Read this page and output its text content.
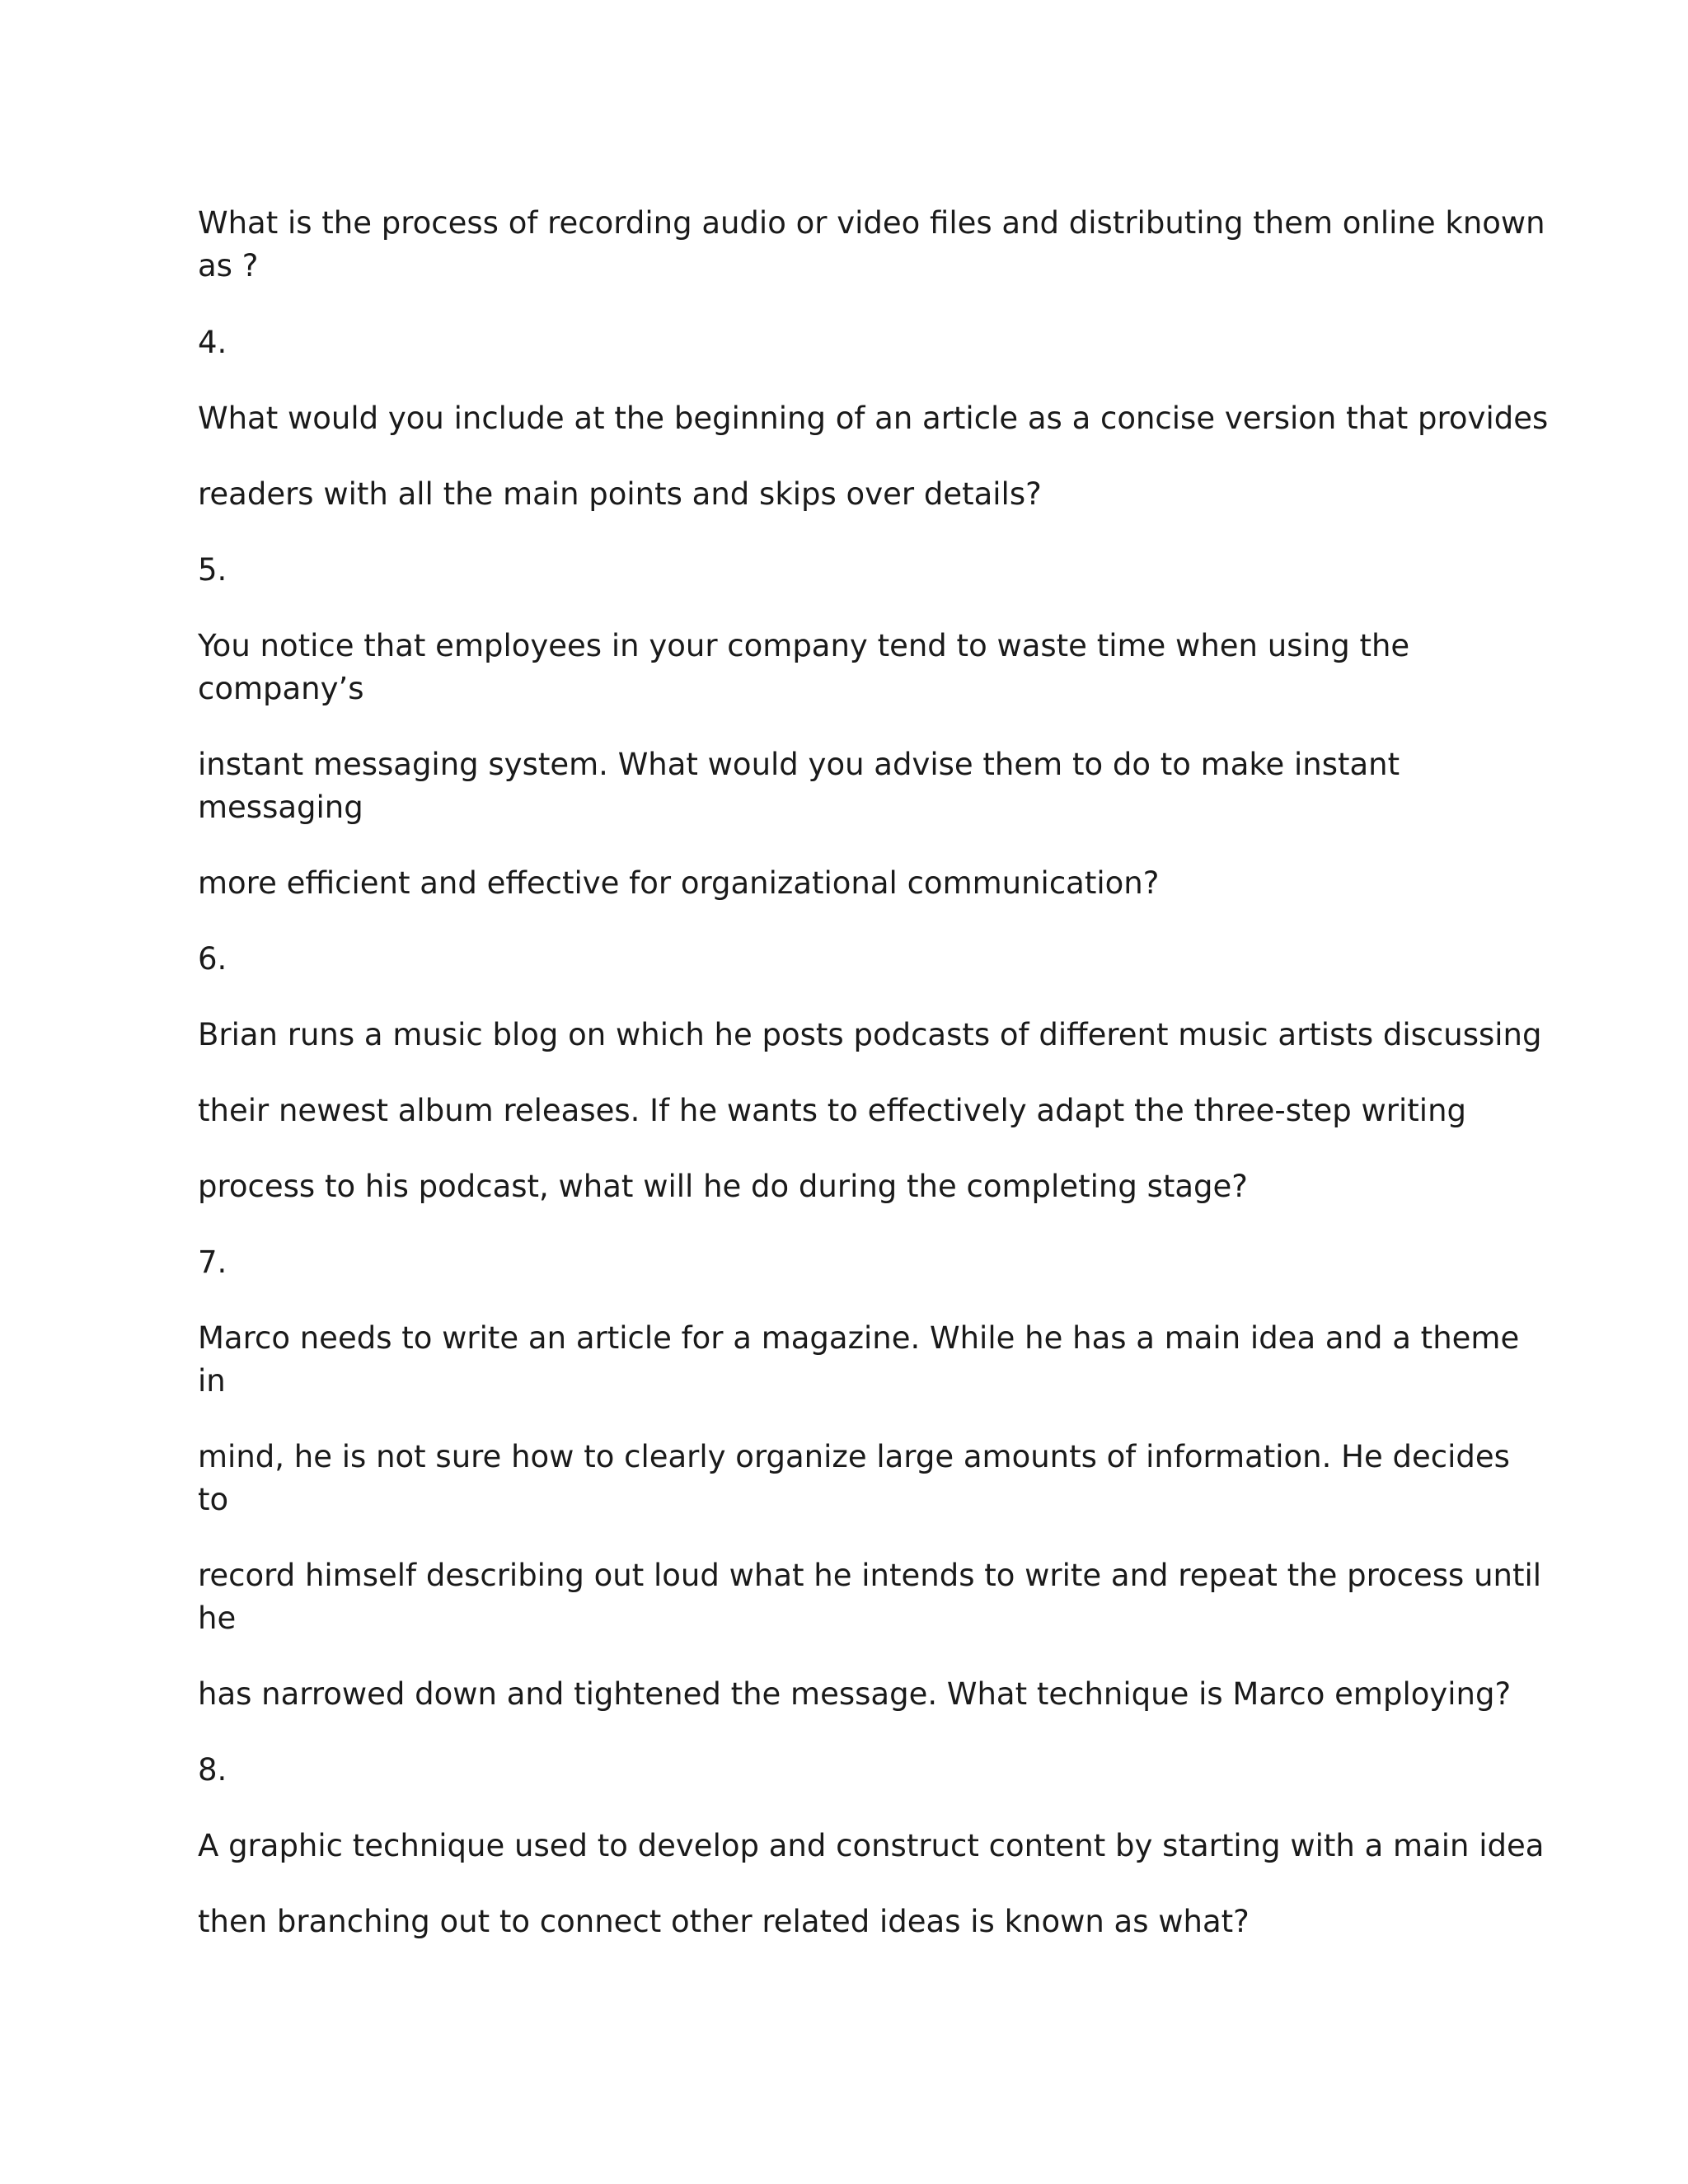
What is the process of recording audio or video files and distributing them online known

as ?

4.

What would you include at the beginning of an article as a concise version that provides

readers with all the main points and skips over details?

5.

You notice that employees in your company tend to waste time when using the

company’s

instant messaging system. What would you advise them to do to make instant

messaging

more efficient and effective for organizational communication?

6.

Brian runs a music blog on which he posts podcasts of different music artists discussing

their newest album releases. If he wants to effectively adapt the three-step writing

process to his podcast, what will he do during the completing stage?

7.

Marco needs to write an article for a magazine. While he has a main idea and a theme

in

mind, he is not sure how to clearly organize large amounts of information. He decides

to

record himself describing out loud what he intends to write and repeat the process until

he

has narrowed down and tightened the message. What technique is Marco employing?

8.

A graphic technique used to develop and construct content by starting with a main idea

then branching out to connect other related ideas is known as what?
